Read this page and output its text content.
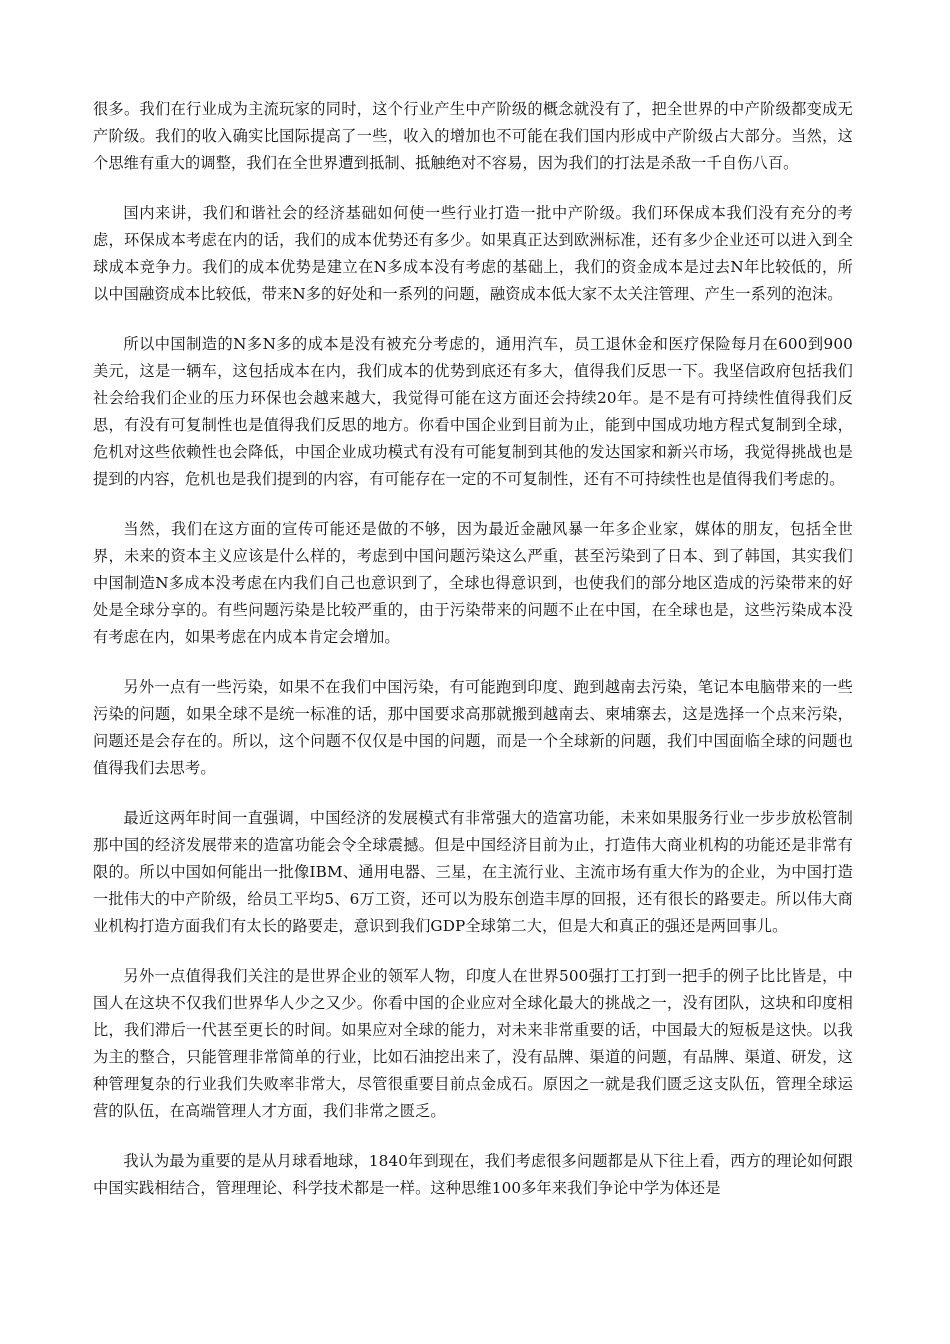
很多。我们在行业成为主流玩家的同时，这个行业产生中产阶级的概念就没有了，把全世界的中产阶级都变成无产阶级。我们的收入确实比国际提高了一些，收入的增加也不可能在我们国内形成中产阶级占大部分。当然，这个思维有重大的调整，我们在全世界遭到抵制、抵触绝对不容易，因为我们的打法是杀敌一千自伤八百。

国内来讲，我们和谐社会的经济基础如何使一些行业打造一批中产阶级。我们环保成本我们没有充分的考虑，环保成本考虑在内的话，我们的成本优势还有多少。如果真正达到欧洲标准，还有多少企业还可以进入到全球成本竞争力。我们的成本优势是建立在N多成本没有考虑的基础上，我们的资金成本是过去N年比较低的，所以中国融资成本比较低，带来N多的好处和一系列的问题，融资成本低大家不太关注管理、产生一系列的泡沫。

所以中国制造的N多N多的成本是没有被充分考虑的，通用汽车，员工退休金和医疗保险每月在600到900美元，这是一辆车，这包括成本在内，我们成本的优势到底还有多大，值得我们反思一下。我坚信政府包括我们社会给我们企业的压力环保也会越来越大，我觉得可能在这方面还会持续20年。是不是有可持续性值得我们反思，有没有可复制性也是值得我们反思的地方。你看中国企业到目前为止，能到中国成功地方程式复制到全球，危机对这些依赖性也会降低，中国企业成功模式有没有可能复制到其他的发达国家和新兴市场，我觉得挑战也是提到的内容，危机也是我们提到的内容，有可能存在一定的不可复制性，还有不可持续性也是值得我们考虑的。

当然，我们在这方面的宣传可能还是做的不够，因为最近金融风暴一年多企业家，媒体的朋友，包括全世界，未来的资本主义应该是什么样的，考虑到中国问题污染这么严重，甚至污染到了日本、到了韩国，其实我们中国制造N多成本没考虑在内我们自己也意识到了，全球也得意识到，也使我们的部分地区造成的污染带来的好处是全球分享的。有些问题污染是比较严重的，由于污染带来的问题不止在中国，在全球也是，这些污染成本没有考虑在内，如果考虑在内成本肯定会增加。

另外一点有一些污染，如果不在我们中国污染，有可能跑到印度、跑到越南去污染，笔记本电脑带来的一些污染的问题，如果全球不是统一标准的话，那中国要求高那就搬到越南去、柬埔寨去，这是选择一个点来污染，问题还是会存在的。所以，这个问题不仅仅是中国的问题，而是一个全球新的问题，我们中国面临全球的问题也值得我们去思考。

最近这两年时间一直强调，中国经济的发展模式有非常强大的造富功能，未来如果服务行业一步步放松管制那中国的经济发展带来的造富功能会令全球震撼。但是中国经济目前为止，打造伟大商业机构的功能还是非常有限的。所以中国如何能出一批像IBM、通用电器、三星，在主流行业、主流市场有重大作为的企业，为中国打造一批伟大的中产阶级，给员工平均5、6万工资，还可以为股东创造丰厚的回报，还有很长的路要走。所以伟大商业机构打造方面我们有太长的路要走，意识到我们GDP全球第二大，但是大和真正的强还是两回事儿。

另外一点值得我们关注的是世界企业的领军人物，印度人在世界500强打工打到一把手的例子比比皆是，中国人在这块不仅我们世界华人少之又少。你看中国的企业应对全球化最大的挑战之一，没有团队，这块和印度相比，我们滞后一代甚至更长的时间。如果应对全球的能力，对未来非常重要的话，中国最大的短板是这快。以我为主的整合，只能管理非常简单的行业，比如石油挖出来了，没有品牌、渠道的问题，有品牌、渠道、研发，这种管理复杂的行业我们失败率非常大，尽管很重要目前点金成石。原因之一就是我们匮乏这支队伍，管理全球运营的队伍，在高端管理人才方面，我们非常之匮乏。

我认为最为重要的是从月球看地球，1840年到现在，我们考虑很多问题都是从下往上看，西方的理论如何跟中国实践相结合，管理理论、科学技术都是一样。这种思维100多年来我们争论中学为体还是
